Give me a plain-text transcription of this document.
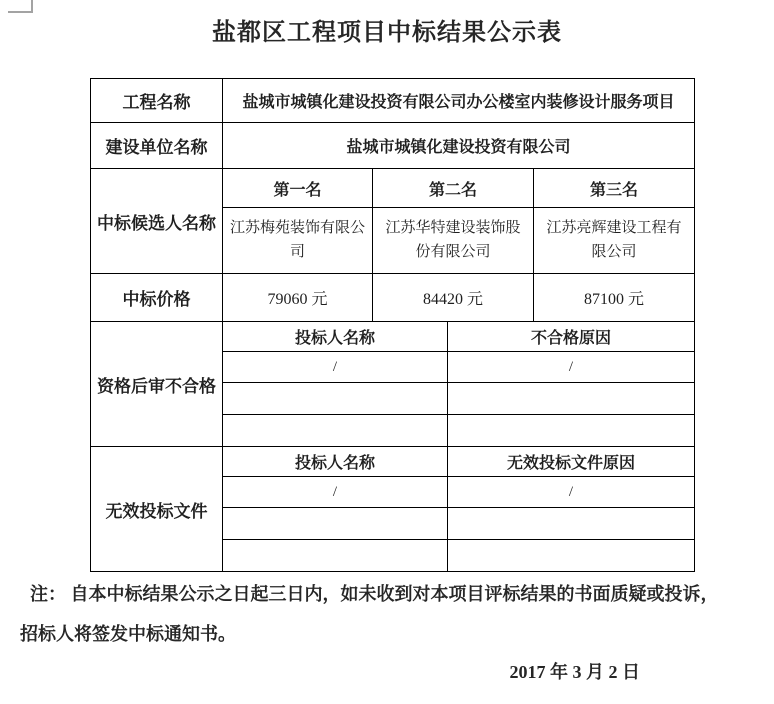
盐都区工程项目中标结果公示表
工程名称	盐城市城镇化建设投资有限公司办公楼室内装修设计服务项目			
建设单位名称	盐城市城镇化建设投资有限公司			
中标候选人名称	第一名	第二名		第三名
	江苏梅苑装饰有限公司	江苏华特建设装饰股份有限公司		江苏亮辉建设工程有限公司
中标价格	79060 元	84420 元		87100 元
资格后审不合格	投标人名称		不合格原因	
	/		/	

无效投标文件	投标人名称		无效投标文件原因	
	/		/	

注： 自本中标结果公示之日起三日内，如未收到对本项目评标结果的书面质疑或投诉，
招标人将签发中标通知书。
2017 年 3 月 2 日
